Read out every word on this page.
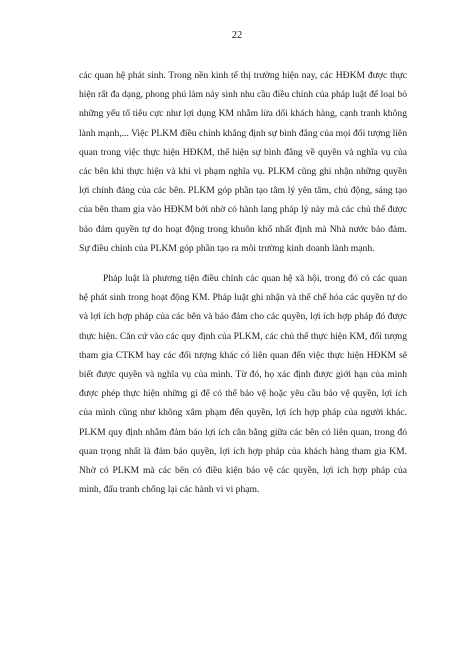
22

các quan hệ phát sinh. Trong nền kinh tế thị trường hiện nay, các HĐKM được thực hiện rất đa dạng, phong phú làm nảy sinh nhu cầu điều chỉnh của pháp luật để loại bỏ những yếu tố tiêu cực như lợi dụng KM nhằm lừa dối khách hàng, cạnh tranh không lành mạnh,... Việc PLKM điều chỉnh khẳng định sự bình đẳng của mọi đối tượng liên quan trong việc thực hiện HĐKM, thể hiện sự bình đẳng về quyền và nghĩa vụ của các bên khi thực hiện và khi vi phạm nghĩa vụ. PLKM cũng ghi nhận những quyền lợi chính đáng của các bên. PLKM góp phần tạo tâm lý yên tâm, chủ động, sáng tạo của bên tham gia vào HĐKM bởi nhờ có hành lang pháp lý này mà các chủ thể được bảo đảm quyền tự do hoạt động trong khuôn khổ nhất định mà Nhà nước bảo đảm. Sự điều chỉnh của PLKM góp phần tạo ra môi trường kinh doanh lành mạnh.

Pháp luật là phương tiện điều chỉnh các quan hệ xã hội, trong đó có các quan hệ phát sinh trong hoạt động KM. Pháp luật ghi nhận và thể chế hóa các quyền tự do và lợi ích hợp pháp của các bên và bảo đảm cho các quyền, lợi ích hợp pháp đó được thực hiện. Căn cứ vào các quy định của PLKM, các chủ thể thực hiện KM, đối tượng tham gia CTKM hay các đối tượng khác có liên quan đến việc thực hiện HĐKM sẽ biết được quyền và nghĩa vụ của mình. Từ đó, họ xác định được giới hạn của mình được phép thực hiện những gì để có thể bảo vệ hoặc yêu cầu bảo vệ quyền, lợi ích của mình cũng như không xâm phạm đến quyền, lợi ích hợp pháp của người khác. PLKM quy định nhằm đảm bảo lợi ích cân bằng giữa các bên có liên quan, trong đó quan trọng nhất là đảm bảo quyền, lợi ích hợp pháp của khách hàng tham gia KM. Nhờ có PLKM mà các bên có điều kiện bảo vệ các quyền, lợi ích hợp pháp của mình, đấu tranh chống lại các hành vi vi phạm.
